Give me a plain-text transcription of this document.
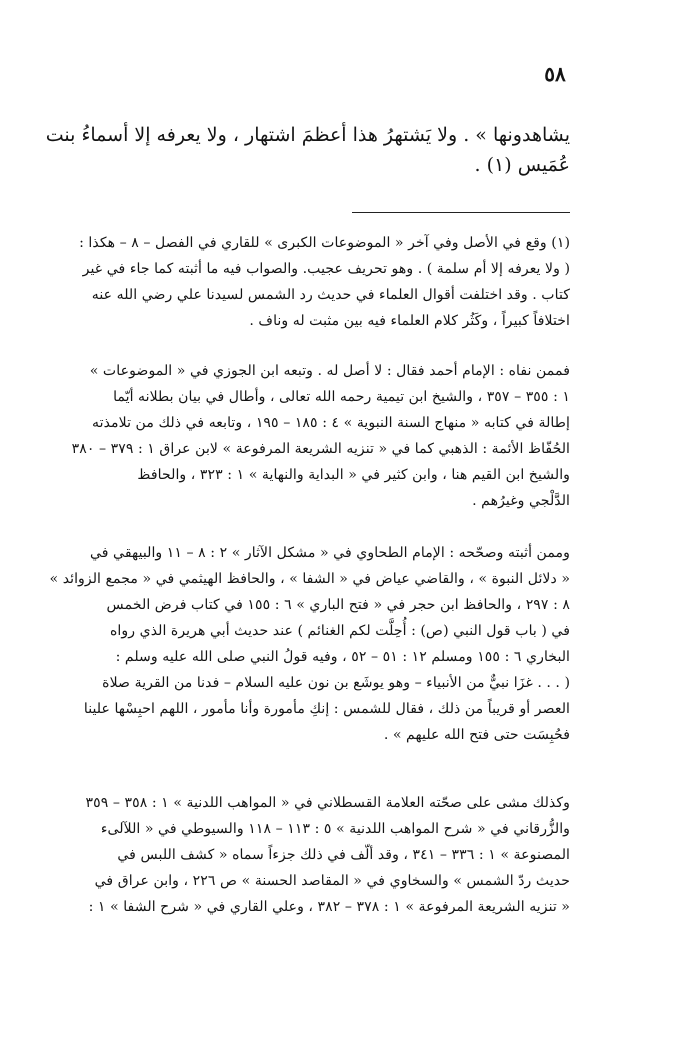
٥٨
يشاهدونها » . ولا يَشتهرُ هذا أعظمَ اشتهار ، ولا يعرفه إلا أسماءُ بنت
عُمَيس (١) .
(١) وقع في الأصل وفي آخر « الموضوعات الكبرى » للقاري في الفصل – ٨ – هكذا :
( ولا يعرفه إلا أم سلمة ) . وهو تحريف عجيب. والصواب فيه ما أثبته كما جاء في غير
كتاب . وقد اختلفت أقوال العلماء في حديث رد الشمس لسيدنا علي رضي الله عنه
اختلافاً كبيراً ، وكَثُر كلام العلماء فيه بين مثبت له وناف .
فممن نفاه : الإمام أحمد فقال : لا أصل له . وتبعه ابن الجوزي في « الموضوعات »
١ : ٣٥٥ – ٣٥٧ ، والشيخ ابن تيمية رحمه الله تعالى ، وأطال في بيان بطلانه أيّما
إطالة في كتابه « منهاج السنة النبوية » ٤ : ١٨٥ – ١٩٥ ، وتابعه في ذلك من تلامذته
الحُفّاظ الأئمة : الذهبي كما في « تنزيه الشريعة المرفوعة » لابن عراق ١ : ٣٧٩ – ٣٨٠
والشيخ ابن القيم هنا ، وابن كثير في « البداية والنهاية » ١ : ٣٢٣ ، والحافظ
الدَّلْجي وغيرُهم .
وممن أثبته وصحّحه : الإمام الطحاوي في « مشكل الآثار » ٢ : ٨ – ١١ والبيهقي في
« دلائل النبوة » ، والقاضي عياض في « الشفا » ، والحافظ الهيثمي في « مجمع الزوائد »
٨ : ٢٩٧ ، والحافظ ابن حجر في « فتح الباري » ٦ : ١٥٥ في كتاب فرض الخمس
في ( باب قول النبي (ص) : أُحِلَّت لكم الغنائم ) عند حديث أبي هريرة الذي رواه
البخاري ٦ : ١٥٥ ومسلم ١٢ : ٥١ – ٥٢ ، وفيه قولُ النبي صلى الله عليه وسلم :
( . . . غزَا نبيٌّ من الأنبياء – وهو يوشَع بن نون عليه السلام – فدنا من القرية صلاة
العصر أو قريباً من ذلك ، فقال للشمس : إنكِ مأمورة وأنا مأمور ، اللهم احبِسْها علينا
فحُبِسَت حتى فتح الله عليهم » .
وكذلك مشى على صحّته العلامة القسطلاني في « المواهب اللدنية » ١ : ٣٥٨ – ٣٥٩
والزُّرقاني في « شرح المواهب اللدنية » ٥ : ١١٣ – ١١٨ والسيوطي في « اللآلىء
المصنوعة » ١ : ٣٣٦ – ٣٤١ ، وقد ألّف في ذلك جزءاً سماه « كشف اللبس في
حديث ردّ الشمس » والسخاوي في « المقاصد الحسنة » ص ٢٢٦ ، وابن عراق في
« تنزيه الشريعة المرفوعة » ١ : ٣٧٨ – ٣٨٢ ، وعلي القاري في « شرح الشفا » ١ :
